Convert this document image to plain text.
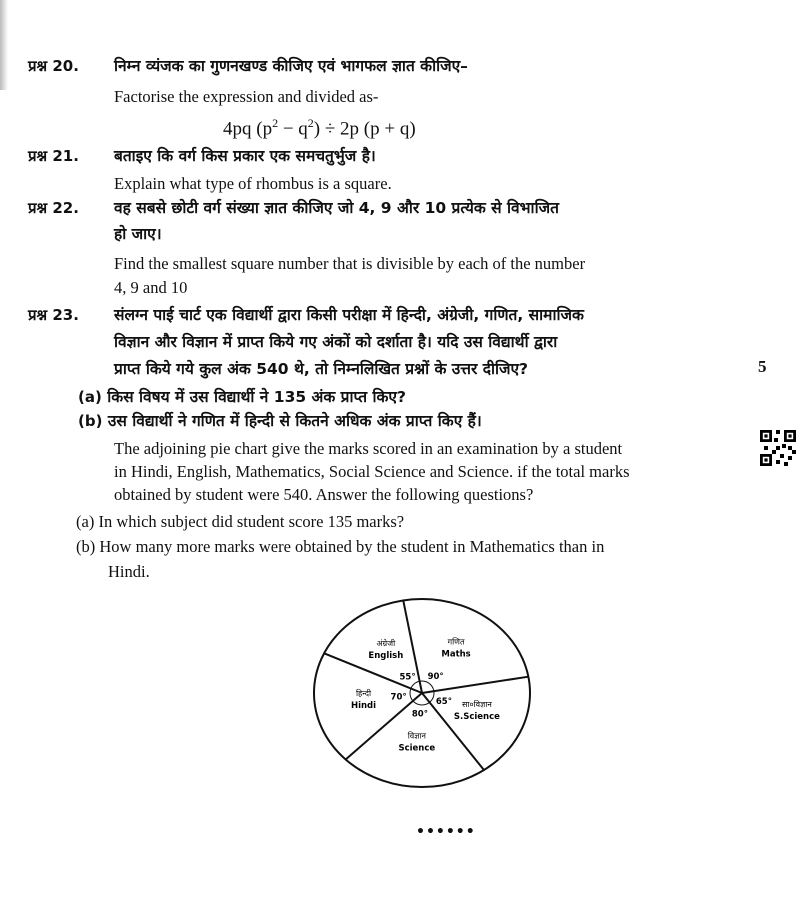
प्रश्न 20. निम्न व्यंजक का गुणनखण्ड कीजिए एवं भागफल ज्ञात कीजिए–
Factorise the expression and divided as-
4pq $(p^2 - q^2) \div 2p$ (p + q)
प्रश्न 21. बताइए कि वर्ग किस प्रकार एक समचतुर्भुज है।
Explain what type of rhombus is a square.
प्रश्न 22. वह सबसे छोटी वर्ग संख्या ज्ञात कीजिए जो 4, 9 और 10 प्रत्येक से विभाजित
हो जाए।
Find the smallest square number that is divisible by each of the number
4, 9 and 10
प्रश्न 23. संलग्न पाई चार्ट एक विद्यार्थी द्वारा किसी परीक्षा में हिन्दी, अंग्रेजी, गणित, सामाजिक
विज्ञान और विज्ञान में प्राप्त किये गए अंकों को दर्शाता है। यदि उस विद्यार्थी द्वारा
प्राप्त किये गये कुल अंक 540 थे, तो निम्नलिखित प्रश्नों के उत्तर दीजिए?
(a) किस विषय में उस विद्यार्थी ने 135 अंक प्राप्त किए?
(b) उस विद्यार्थी ने गणित में हिन्दी से कितने अधिक अंक प्राप्त किए हैं।
The adjoining pie chart give the marks scored in an examination by a student
in Hindi, English, Mathematics, Social Science and Science. if the total marks
obtained by student were 540. Answer the following questions?
(a) In which subject did student score 135 marks?
(b) How many more marks were obtained by the student in Mathematics than in
Hindi.
5
गणित
Maths
90°
सा०विज्ञान
S.Science
65°
विज्ञान
Science
80°
हिन्दी
Hindi
70°
अंग्रेजी
English
55°
••••••
